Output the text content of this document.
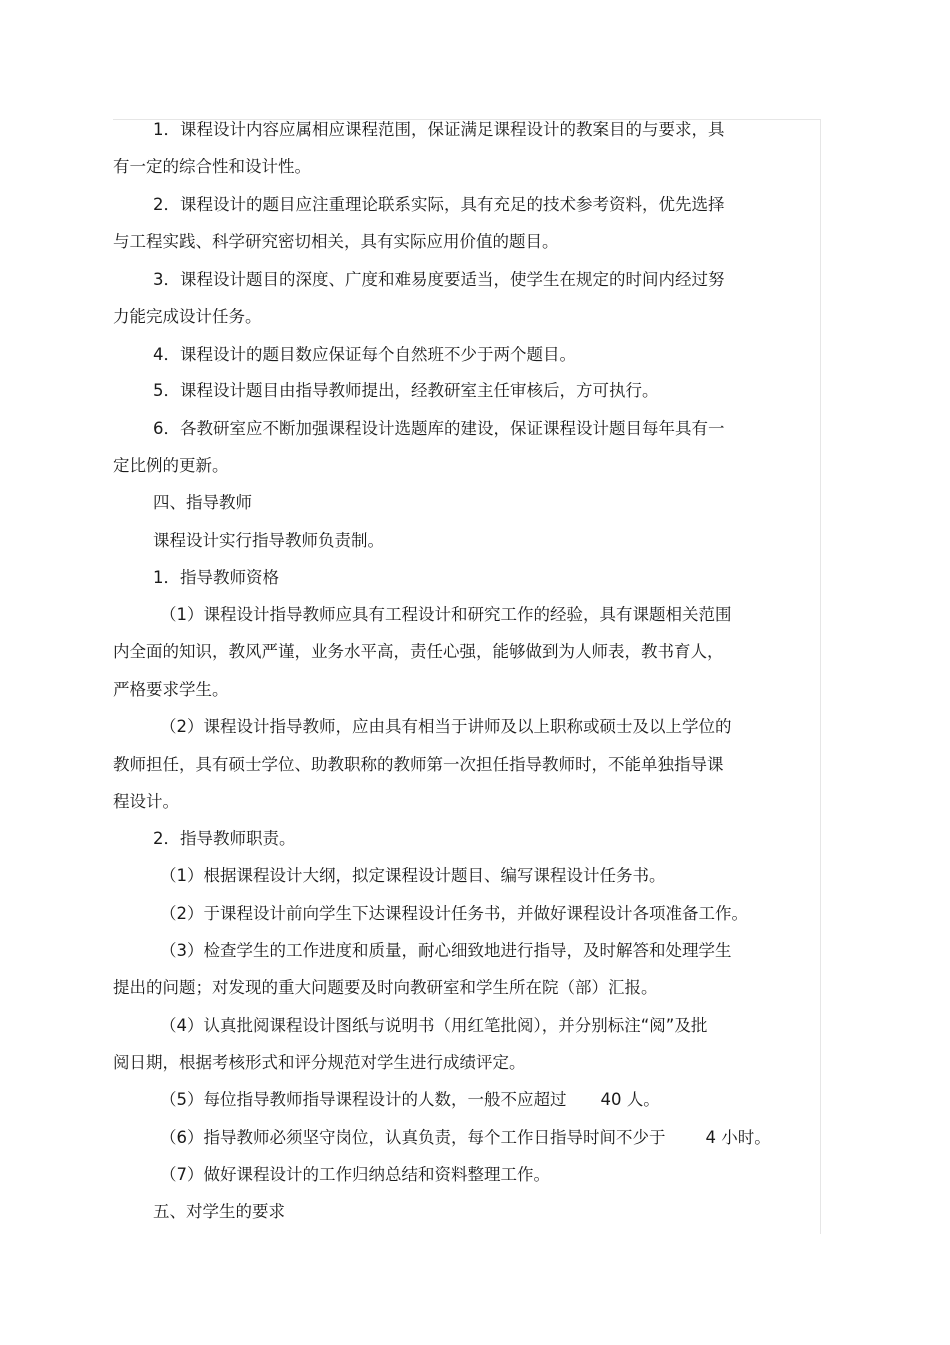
1．课程设计内容应属相应课程范围，保证满足课程设计的教案目的与要求，具
有一定的综合性和设计性。
2．课程设计的题目应注重理论联系实际，具有充足的技术参考资料，优先选择
与工程实践、科学研究密切相关，具有实际应用价值的题目。
3．课程设计题目的深度、广度和难易度要适当，使学生在规定的时间内经过努
力能完成设计任务。
4．课程设计的题目数应保证每个自然班不少于两个题目。
5．课程设计题目由指导教师提出，经教研室主任审核后，方可执行。
6．各教研室应不断加强课程设计选题库的建设，保证课程设计题目每年具有一
定比例的更新。
四、指导教师
课程设计实行指导教师负责制。
1．指导教师资格
（1）课程设计指导教师应具有工程设计和研究工作的经验，具有课题相关范围
内全面的知识，教风严谨，业务水平高，责任心强，能够做到为人师表，教书育人，
严格要求学生。
（2）课程设计指导教师，应由具有相当于讲师及以上职称或硕士及以上学位的
教师担任，具有硕士学位、助教职称的教师第一次担任指导教师时，不能单独指导课
程设计。
2．指导教师职责。
（1）根据课程设计大纲，拟定课程设计题目、编写课程设计任务书。
（2）于课程设计前向学生下达课程设计任务书，并做好课程设计各项准备工作。
（3）检查学生的工作进度和质量，耐心细致地进行指导，及时解答和处理学生
提出的问题；对发现的重大问题要及时向教研室和学生所在院（部）汇报。
（4）认真批阅课程设计图纸与说明书（用红笔批阅），并分别标注“阅”及批
阅日期，根据考核形式和评分规范对学生进行成绩评定。
（5）每位指导教师指导课程设计的人数，一般不应超过 40 人。
（6）指导教师必须坚守岗位，认真负责，每个工作日指导时间不少于 4 小时。
（7）做好课程设计的工作归纳总结和资料整理工作。
五、对学生的要求
